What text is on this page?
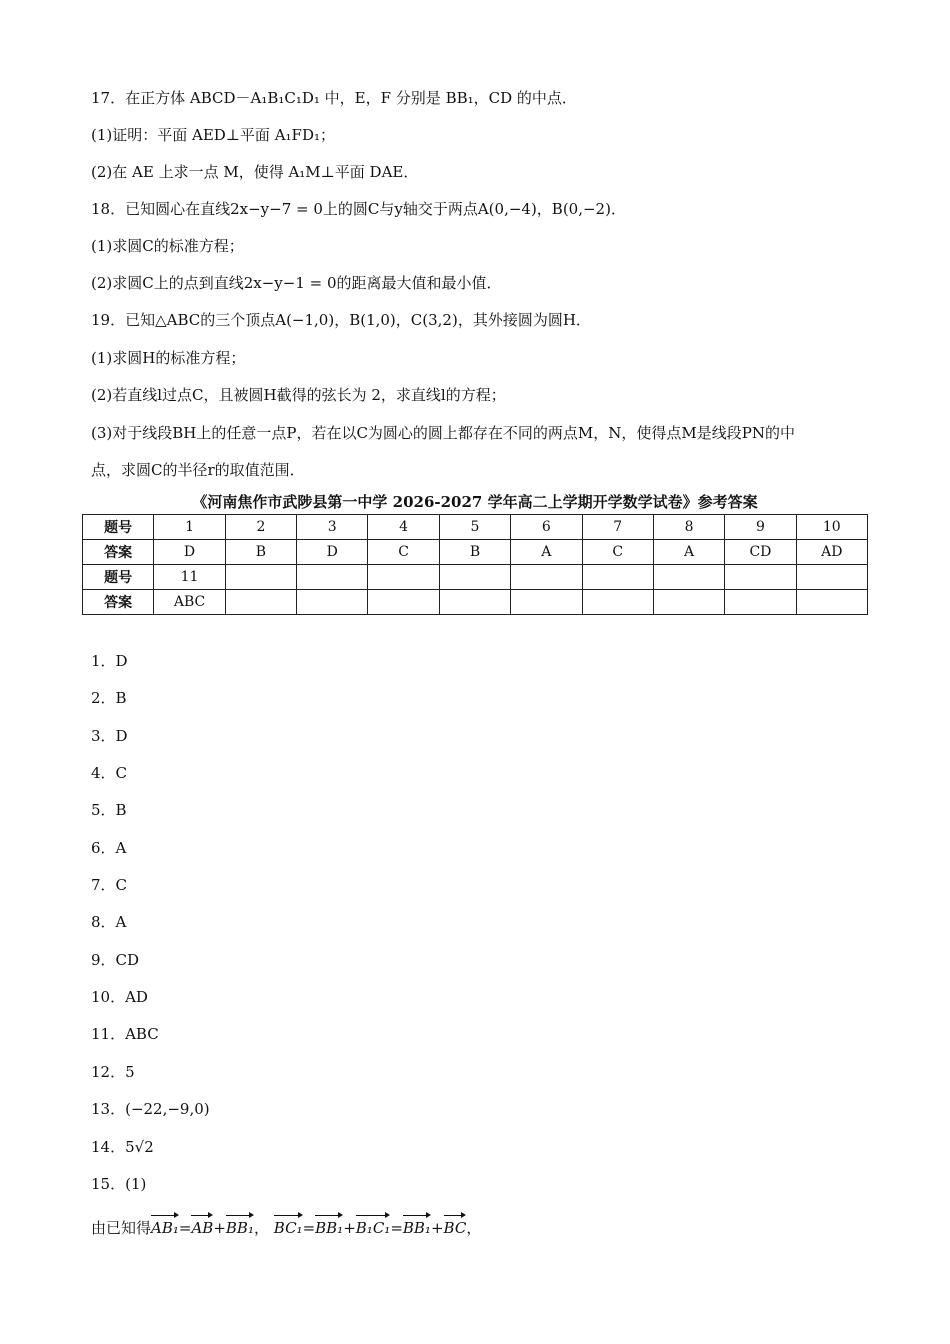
17．在正方体 ABCD－A₁B₁C₁D₁ 中，E，F 分别是 BB₁，CD 的中点．
(1)证明：平面 AED⊥平面 A₁FD₁；
(2)在 AE 上求一点 M，使得 A₁M⊥平面 DAE．
18．已知圆心在直线2x−y−7 = 0上的圆C与y轴交于两点A(0,−4)，B(0,−2)．
(1)求圆C的标准方程；
(2)求圆C上的点到直线2x−y−1 = 0的距离最大值和最小值．
19．已知△ABC的三个顶点A(−1,0)，B(1,0)，C(3,2)，其外接圆为圆H．
(1)求圆H的标准方程；
(2)若直线l过点C，且被圆H截得的弦长为 2，求直线l的方程；
(3)对于线段BH上的任意一点P，若在以C为圆心的圆上都存在不同的两点M，N，使得点M是线段PN的中
点，求圆C的半径r的取值范围．
《河南焦作市武陟县第一中学 2026-2027 学年高二上学期开学数学试卷》参考答案
题号	1	2	3	4	5	6	7	8	9	10
答案	D	B	D	C	B	A	C	A	CD	AD
题号	11									
答案	ABC									
1．D
2．B
3．D
4．C
5．B
6．A
7．C
8．A
9．CD
10．AD
11．ABC
12．5
13．(−22,−9,0)
14．5√2
15．(1)
由已知得AB₁=AB+BB₁， BC₁=BB₁+B₁C₁=BB₁+BC，
